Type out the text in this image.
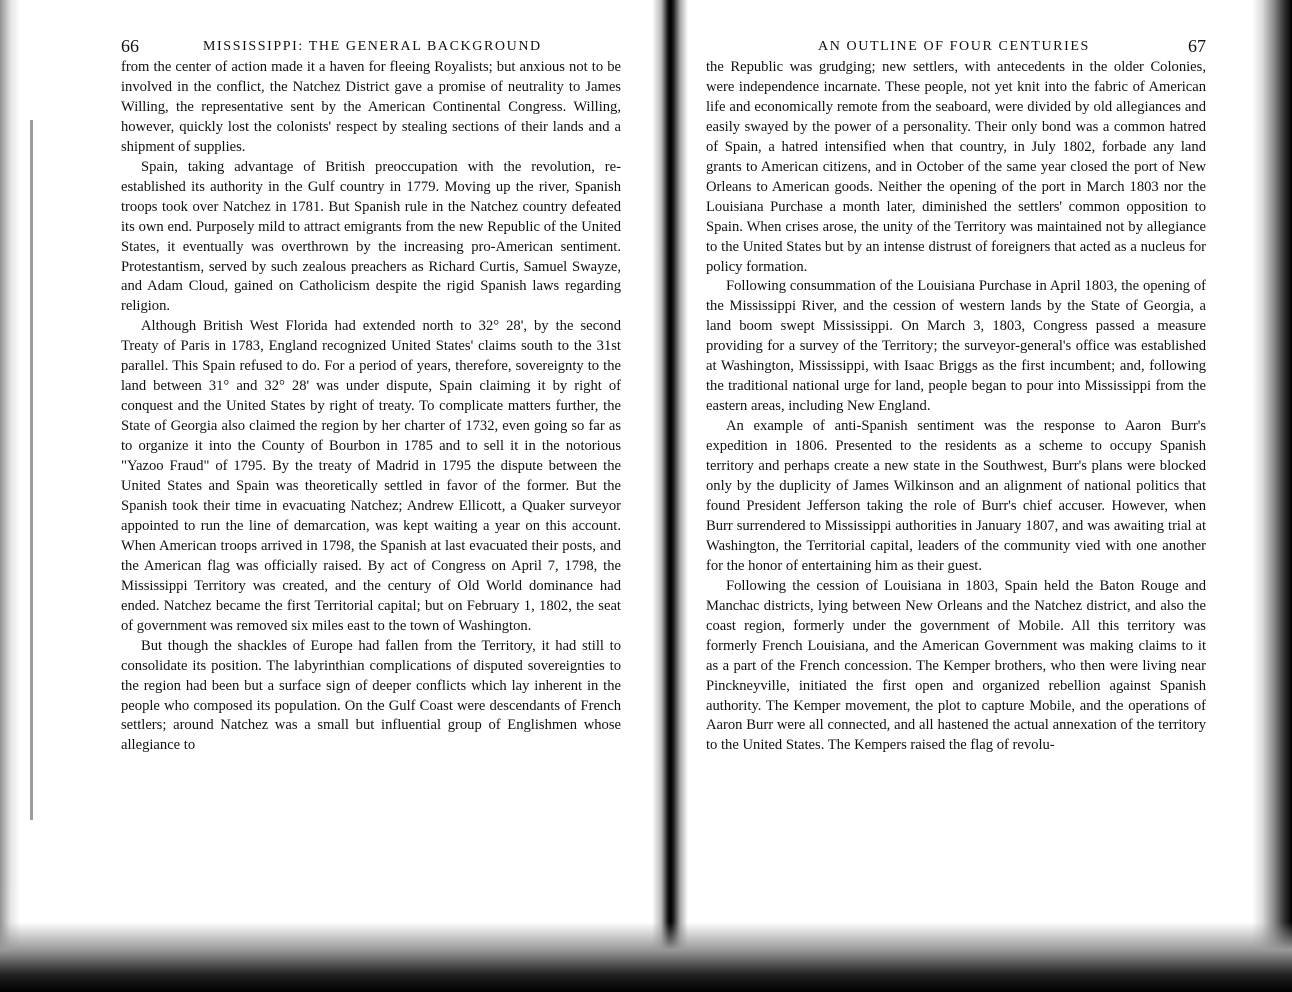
66	MISSISSIPPI: THE GENERAL BACKGROUND

from the center of action made it a haven for fleeing Royalists; but anxious not to be involved in the conflict, the Natchez District gave a promise of neutrality to James Willing, the representative sent by the American Continental Congress. Willing, however, quickly lost the colonists' respect by stealing sections of their lands and a shipment of supplies.

Spain, taking advantage of British preoccupation with the revolution, re-established its authority in the Gulf country in 1779. Moving up the river, Spanish troops took over Natchez in 1781. But Spanish rule in the Natchez country defeated its own end. Purposely mild to attract emigrants from the new Republic of the United States, it eventually was overthrown by the increasing pro-American sentiment. Protestantism, served by such zealous preachers as Richard Curtis, Samuel Swayze, and Adam Cloud, gained on Catholicism despite the rigid Spanish laws regarding religion.

Although British West Florida had extended north to 32° 28', by the second Treaty of Paris in 1783, England recognized United States' claims south to the 31st parallel. This Spain refused to do. For a period of years, therefore, sovereignty to the land between 31° and 32° 28' was under dispute, Spain claiming it by right of conquest and the United States by right of treaty. To complicate matters further, the State of Georgia also claimed the region by her charter of 1732, even going so far as to organize it into the County of Bourbon in 1785 and to sell it in the notorious "Yazoo Fraud" of 1795. By the treaty of Madrid in 1795 the dispute between the United States and Spain was theoretically settled in favor of the former. But the Spanish took their time in evacuating Natchez; Andrew Ellicott, a Quaker surveyor appointed to run the line of demarcation, was kept waiting a year on this account. When American troops arrived in 1798, the Spanish at last evacuated their posts, and the American flag was officially raised. By act of Congress on April 7, 1798, the Mississippi Territory was created, and the century of Old World dominance had ended. Natchez became the first Territorial capital; but on February 1, 1802, the seat of government was removed six miles east to the town of Washington.

But though the shackles of Europe had fallen from the Territory, it had still to consolidate its position. The labyrinthian complications of disputed sovereignties to the region had been but a surface sign of deeper conflicts which lay inherent in the people who composed its population. On the Gulf Coast were descendants of French settlers; around Natchez was a small but influential group of Englishmen whose allegiance to

AN OUTLINE OF FOUR CENTURIES	67

the Republic was grudging; new settlers, with antecedents in the older Colonies, were independence incarnate. These people, not yet knit into the fabric of American life and economically remote from the seaboard, were divided by old allegiances and easily swayed by the power of a personality. Their only bond was a common hatred of Spain, a hatred intensified when that country, in July 1802, forbade any land grants to American citizens, and in October of the same year closed the port of New Orleans to American goods. Neither the opening of the port in March 1803 nor the Louisiana Purchase a month later, diminished the settlers' common opposition to Spain. When crises arose, the unity of the Territory was maintained not by allegiance to the United States but by an intense distrust of foreigners that acted as a nucleus for policy formation.

Following consummation of the Louisiana Purchase in April 1803, the opening of the Mississippi River, and the cession of western lands by the State of Georgia, a land boom swept Mississippi. On March 3, 1803, Congress passed a measure providing for a survey of the Territory; the surveyor-general's office was established at Washington, Mississippi, with Isaac Briggs as the first incumbent; and, following the traditional national urge for land, people began to pour into Mississippi from the eastern areas, including New England.

An example of anti-Spanish sentiment was the response to Aaron Burr's expedition in 1806. Presented to the residents as a scheme to occupy Spanish territory and perhaps create a new state in the Southwest, Burr's plans were blocked only by the duplicity of James Wilkinson and an alignment of national politics that found President Jefferson taking the role of Burr's chief accuser. However, when Burr surrendered to Mississippi authorities in January 1807, and was awaiting trial at Washington, the Territorial capital, leaders of the community vied with one another for the honor of entertaining him as their guest.

Following the cession of Louisiana in 1803, Spain held the Baton Rouge and Manchac districts, lying between New Orleans and the Natchez district, and also the coast region, formerly under the government of Mobile. All this territory was formerly French Louisiana, and the American Government was making claims to it as a part of the French concession. The Kemper brothers, who then were living near Pinckneyville, initiated the first open and organized rebellion against Spanish authority. The Kemper movement, the plot to capture Mobile, and the operations of Aaron Burr were all connected, and all hastened the actual annexation of the territory to the United States. The Kempers raised the flag of revolu-
